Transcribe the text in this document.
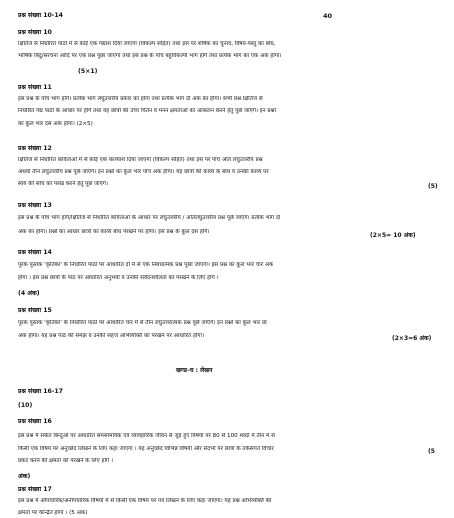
40
खण्ड–घ : लेखन
प्रश्न संख्या 10-14
प्रश्न संख्या 10
क्षितिज से निर्धारित पाठों में से कोई एक गद्यांश दिया जाएगा (विकल्प सहित) तथा इस पर शीर्षक का चुनाव, विषय-वस्तु का बोध,
भाषिक बिंदु/संरचना आदि पर एक प्रश्न पूछा जाएगा तथा इस प्रश्न के पाँच बहुविकल्पी भाग होंगे तथा प्रत्येक भाग का एक अंक होगा।
(5×1)
प्रश्न संख्या 11
इस प्रश्न के पाँच भाग होंगे। प्रत्येक भाग लघुउत्तरीय प्रकार का होगा तथा प्रत्येक भाग दो अंक का होगा। सभी प्रश्न क्षितिज से
निर्धारित गद्य पाठों के आधार पर होंगे तथा यह छात्रों की उच्च चिंतन व मनन क्षमताओं का आकलन करने हेतु पूछे जाएँगे। इन प्रश्नों
का कुल भार दस अंक होगा। (2×5)
प्रश्न संख्या 12
क्षितिज से निर्धारित कविताओं में से कोई एक काव्यांश दिया जाएगा (विकल्प सहित) तथा इस पर पाँच अति लघुउत्तरीय प्रश्न
अथवा तीन लघुउत्तरीय प्रश्न पूछे जाएँगे। इन प्रश्नों का कुल भार पाँच अंक होगा। यह छात्रों की काव्य के बोध व उनकी काव्य पर
स्वयं की सोच को परख करने हेतु पूछे जाएँगे।
प्रश्न संख्या 13
इस प्रश्न के पाँच भाग होंगे/क्षितिज से निर्धारित कविताओं के आधार पर लघुउत्तरीय / अतिलघुउत्तरीय प्रश्न पूछे जाएँगे। प्रत्येक भाग दो
अंक का होगा। प्रश्नों का आधार छात्रों का काव्य बोध परखने पर होगा। इस प्रश्न के कुल दस होंगे।
प्रश्न संख्या 14
पूरक पुस्तक 'कृतिका' के निर्धारित पाठों पर आधारित दो में से एक निबंधात्मक प्रश्न पूछा जाएगा। इस प्रश्न का कुल भार चार अंक
होगा । इस प्रश्न छात्रों के पाठ पर आधारित अनुभवों व उनकी संवेदनशीलता को परखने के लिए होंगे ।
(4 अंक)
प्रश्न संख्या 15
पूरक पुस्तक 'कृतिका' के निर्धारित पाठों पर आधारित चार में से तीन लघुउत्तरात्मक प्रश्न पूछे जाएँगे। इन प्रश्नों का कुल भार छः
अंक होगा। यह प्रश्न पाठ की समझ व उनकी सहज अभिव्यक्ति को परखने पर आधारित होगा।
प्रश्न संख्या 16-17
(10)
प्रश्न संख्या 16
इस प्रश्न में संकेत बिन्दुओं पर आधारित समसामयिक एवं व्यावहारिक जीवन से जुड़े हुए विषयों पर 80 से 100 शब्दों में तीन में से
किसी एक विषय पर अनुच्छेद लिखने के लिए कहा जाएगा । यह अनुच्छेद विभिन्न विषयों और संदर्भों पर छात्रों के तर्कसंगत विचार
प्रकट करने की क्षमता को परखने के लिए होंगे ।
अंक)
प्रश्न संख्या 17
इस प्रश्न में औपचारिक/अनौपचारिक विषयों में से किसी एक विषय पर पत्र लिखने के लिए कहा जाएगा। यह प्रश्न अभिव्यक्ति की
क्षमता पर केन्द्रित होगा । (5 अंक)
(5)
(2×5= 10 अंक)
(2×3=6 अंक)
(5
